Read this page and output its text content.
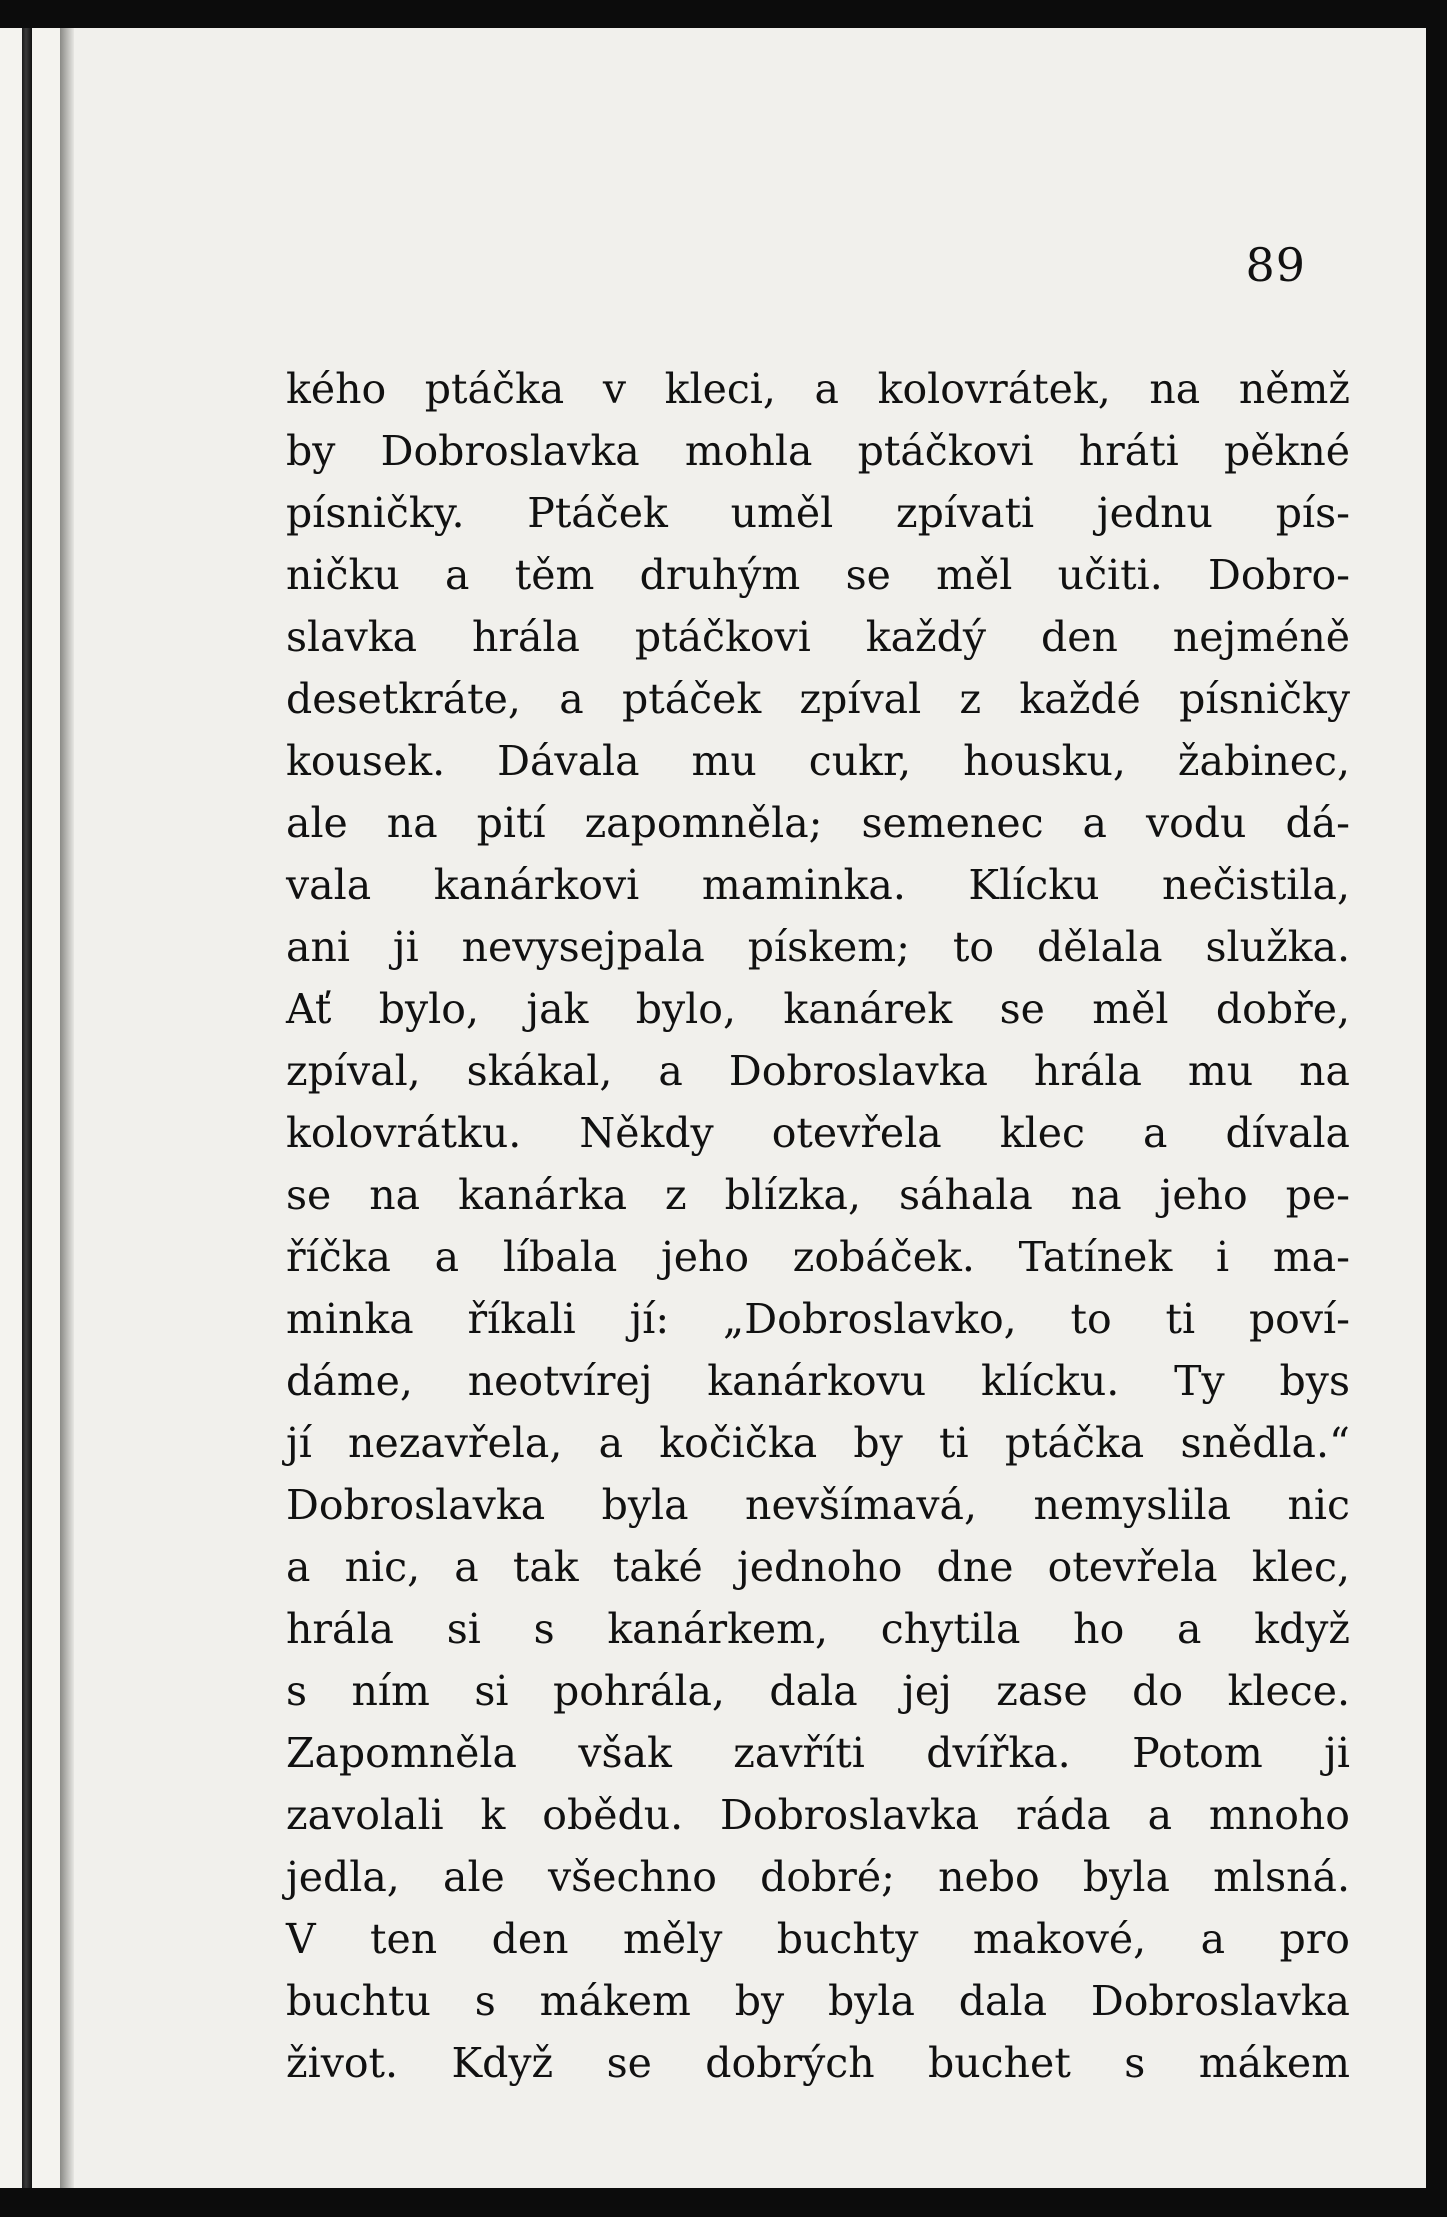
89
kého ptáčka v kleci, a kolovrátek, na němž
by Dobroslavka mohla ptáčkovi hráti pěkné
písničky. Ptáček uměl zpívati jednu pís-
ničku a těm druhým se měl učiti. Dobro-
slavka hrála ptáčkovi každý den nejméně
desetkráte, a ptáček zpíval z každé písničky
kousek. Dávala mu cukr, housku, žabinec,
ale na pití zapomněla; semenec a vodu dá-
vala kanárkovi maminka. Klícku nečistila,
ani ji nevysejpala pískem; to dělala služka.
Ať bylo, jak bylo, kanárek se měl dobře,
zpíval, skákal, a Dobroslavka hrála mu na
kolovrátku. Někdy otevřela klec a dívala
se na kanárka z blízka, sáhala na jeho pe-
říčka a líbala jeho zobáček. Tatínek i ma-
minka říkali jí: „Dobroslavko, to ti poví-
dáme, neotvírej kanárkovu klícku. Ty bys
jí nezavřela, a kočička by ti ptáčka snědla.“
Dobroslavka byla nevšímavá, nemyslila nic
a nic, a tak také jednoho dne otevřela klec,
hrála si s kanárkem, chytila ho a když
s ním si pohrála, dala jej zase do klece.
Zapomněla však zavříti dvířka. Potom ji
zavolali k obědu. Dobroslavka ráda a mnoho
jedla, ale všechno dobré; nebo byla mlsná.
V ten den měly buchty makové, a pro
buchtu s mákem by byla dala Dobroslavka
život. Když se dobrých buchet s mákem
